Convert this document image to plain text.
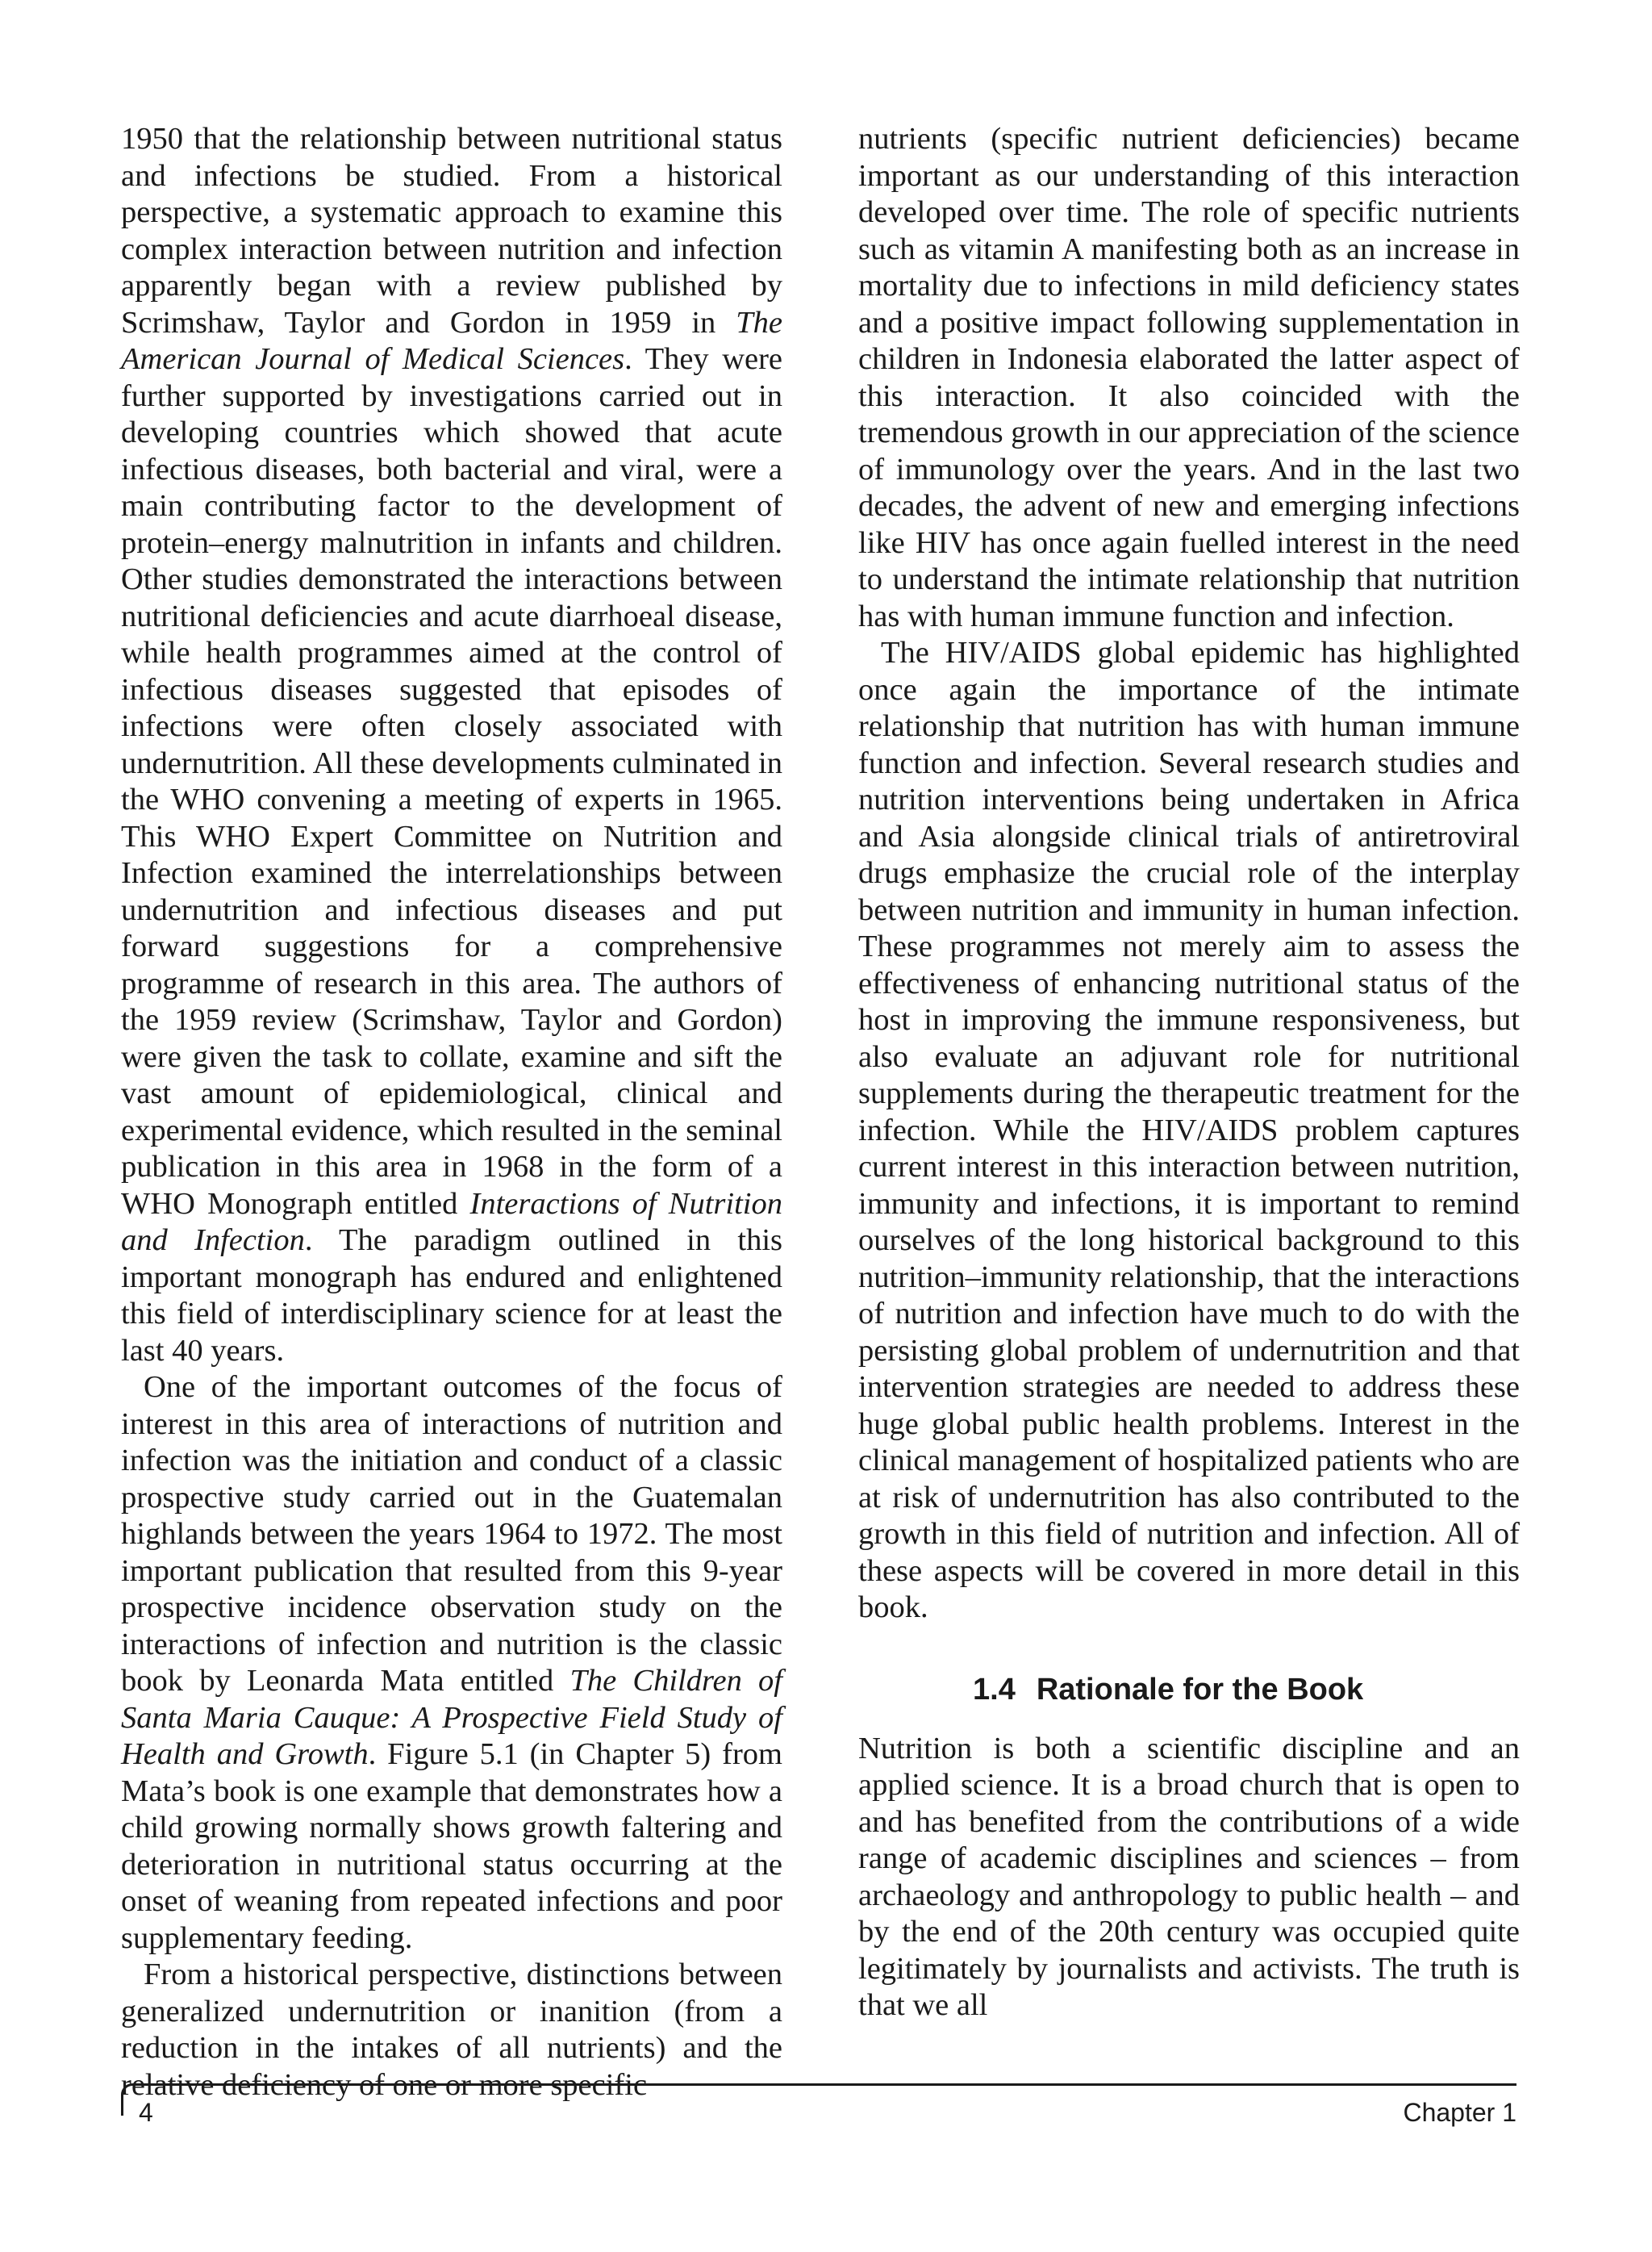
1950 that the relationship between nutritional status and infections be studied. From a historical perspective, a systematic approach to examine this complex interaction between nutrition and infection apparently began with a review published by Scrimshaw, Taylor and Gordon in 1959 in The American Journal of Medical Sciences. They were further supported by investigations carried out in developing countries which showed that acute infectious diseases, both bacterial and viral, were a main contributing factor to the development of protein–energy malnutrition in infants and children. Other studies demonstrated the interactions between nutritional deficiencies and acute diarrhoeal disease, while health programmes aimed at the control of infectious diseases suggested that episodes of infections were often closely associated with undernutrition. All these developments culminated in the WHO convening a meeting of experts in 1965. This WHO Expert Committee on Nutrition and Infection examined the interrelationships between undernutrition and infectious diseases and put forward suggestions for a comprehensive programme of research in this area. The authors of the 1959 review (Scrimshaw, Taylor and Gordon) were given the task to collate, examine and sift the vast amount of epidemiological, clinical and experimental evidence, which resulted in the seminal publication in this area in 1968 in the form of a WHO Monograph entitled Interactions of Nutrition and Infection. The paradigm outlined in this important monograph has endured and enlightened this field of interdisciplinary science for at least the last 40 years.

One of the important outcomes of the focus of interest in this area of interactions of nutrition and infection was the initiation and conduct of a classic prospective study carried out in the Guatemalan highlands between the years 1964 to 1972. The most important publication that resulted from this 9-year prospective incidence observation study on the interactions of infection and nutrition is the classic book by Leonarda Mata entitled The Children of Santa Maria Cauque: A Prospective Field Study of Health and Growth. Figure 5.1 (in Chapter 5) from Mata’s book is one example that demonstrates how a child growing normally shows growth faltering and deterioration in nutritional status occurring at the onset of weaning from repeated infections and poor supplementary feeding.

From a historical perspective, distinctions between generalized undernutrition or inanition (from a reduction in the intakes of all nutrients) and the relative deficiency of one or more specific

nutrients (specific nutrient deficiencies) became important as our understanding of this interaction developed over time. The role of specific nutrients such as vitamin A manifesting both as an increase in mortality due to infections in mild deficiency states and a positive impact following supplementation in children in Indonesia elaborated the latter aspect of this interaction. It also coincided with the tremendous growth in our appreciation of the science of immunology over the years. And in the last two decades, the advent of new and emerging infections like HIV has once again fuelled interest in the need to understand the intimate relationship that nutrition has with human immune function and infection.

The HIV/AIDS global epidemic has highlighted once again the importance of the intimate relationship that nutrition has with human immune function and infection. Several research studies and nutrition interventions being undertaken in Africa and Asia alongside clinical trials of antiretroviral drugs emphasize the crucial role of the interplay between nutrition and immunity in human infection. These programmes not merely aim to assess the effectiveness of enhancing nutritional status of the host in improving the immune responsiveness, but also evaluate an adjuvant role for nutritional supplements during the therapeutic treatment for the infection. While the HIV/AIDS problem captures current interest in this interaction between nutrition, immunity and infections, it is important to remind ourselves of the long historical background to this nutrition–immunity relationship, that the interactions of nutrition and infection have much to do with the persisting global problem of undernutrition and that intervention strategies are needed to address these huge global public health problems. Interest in the clinical management of hospitalized patients who are at risk of undernutrition has also contributed to the growth in this field of nutrition and infection. All of these aspects will be covered in more detail in this book.

1.4 Rationale for the Book

Nutrition is both a scientific discipline and an applied science. It is a broad church that is open to and has benefited from the contributions of a wide range of academic disciplines and sciences – from archaeology and anthropology to public health – and by the end of the 20th century was occupied quite legitimately by journalists and activists. The truth is that we all

4	Chapter 1
